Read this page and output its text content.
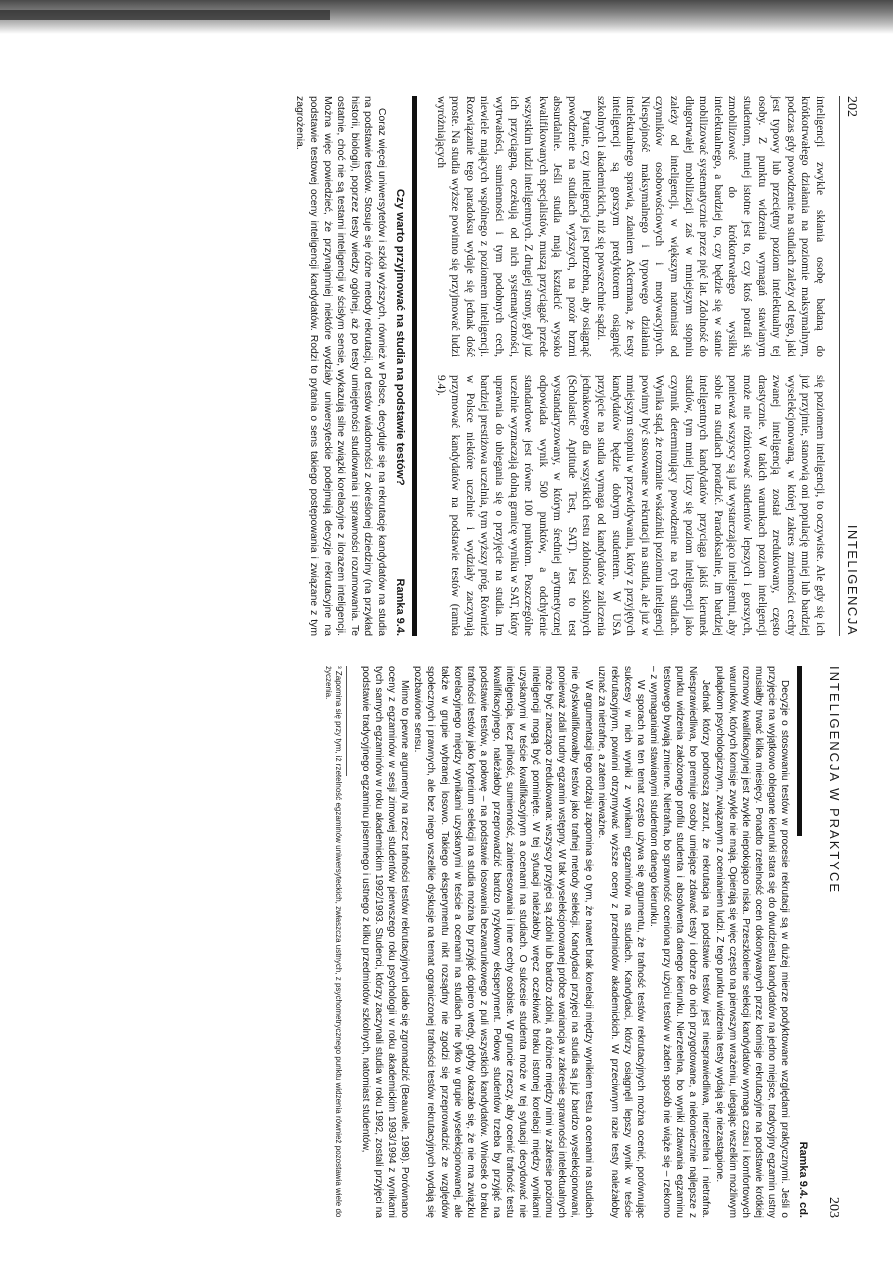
202
INTELIGENCJA

inteligencji zwykle skłania osobę badaną do krótkotrwałego działania na poziomie maksymalnym, podczas gdy powodzenie na studiach zależy od tego, jaki jest typowy lub przeciętny poziom intelektualny tej osoby. Z punktu widzenia wymagań stawianym studentom, mniej istotne jest to, czy ktoś potrafi się zmobilizować do krótkotrwałego wysiłku intelektualnego, a bardziej to, czy będzie się w stanie mobilizować systematycznie przez pięć lat. Zdolność do długotrwałej mobilizacji zaś w mniejszym stopniu zależy od inteligencji, w większym natomiast od czynników osobowościowych i motywacyjnych. Niespójność maksymalnego i typowego działania intelektualnego sprawia, zdaniem Ackermana, że testy inteligencji są gorszym predyktorem osiągnięć szkolnych i akademickich, niż się powszechnie sądzi.

Pytanie, czy inteligencja jest potrzebna, aby osiągnąć powodzenie na studiach wyższych, na pozór brzmi absurdalnie. Jeśli studia mają kształcić wysoko kwalifikowanych specjalistów, muszą przyciągać przede wszystkim ludzi inteligentnych. Z drugiej strony, gdy już ich przyciągną, oczekują od nich systematyczności, wytrwałości, sumienności i tym podobnych cech, niewiele mających wspólnego z poziomem inteligencji. Rozwiązanie tego paradoksu wydaje się jednak dość proste. Na studia wyższe powinno się przyjmować ludzi wyróżniających

się poziomem inteligencji, to oczywiste. Ale gdy się ich już przyjmie, stanowią oni populację mniej lub bardziej wyselekcjonowaną, w której zakres zmienności cechy zwanej inteligencją został zredukowany, często drastycznie. W takich warunkach poziom inteligencji może nie różnicować studentów lepszych i gorszych, ponieważ wszyscy są już wystarczająco inteligentni, aby sobie na studiach poradzić. Paradoksalnie, im bardziej inteligentnych kandydatów przyciąga jakiś kierunek studiów, tym mniej liczy się poziom inteligencji jako czynnik determinujący powodzenie na tych studiach. Wynika stąd, że rozmaite wskaźniki poziomu inteligencji powinny być stosowane w rekrutacji na studia, ale już w mniejszym stopniu w przewidywaniu, który z przyjętych kandydatów będzie dobrym studentem. W USA przyjęcie na studia wymaga od kandydatów zaliczenia jednakowego dla wszystkich testu zdolności szkolnych (Scholastic Aptitude Test, SAT). Jest to test wystandaryzowany, w którym średniej arytmetycznej odpowiada wynik 500 punktów, a odchylenie standardowe jest równe 100 punktom. Poszczególne uczelnie wyznaczają dolną granicę wyniku w SAT, który uprawnia do ubiegania się o przyjęcie na studia. Im bardziej prestiżowa uczelnia, tym wyższy próg. Również w Polsce niektóre uczelnie i wydziały zaczynają przymować kandydatów na podstawie testów (ramka 9.4).

Czy warto przyjmować na studia na podstawie testów?
Ramka 9.4.

Coraz więcej uniwersytetów i szkół wyższych, również w Polsce, decyduje się na rekrutację kandydatów na studia na podstawie testów. Stosuje się różne metody rekrutacji, od testów wiadomości z określonej dziedziny (na przykład historii, biologii), poprzez testy wiedzy ogólnej, aż po testy umiejętności studiowania i sprawności rozumowania. Te ostatnie, choć nie są testami inteligencji w ścisłym sensie, wykazują silne związki korelacyjne z ilorazem inteligencji. Można więc powiedzieć, że przynajmniej niektóre wydziały uniwersyteckie podejmują decyzje rekrutacyjne na podstawie testowej oceny inteligencji kandydatów. Rodzi to pytania o sens takiego postępowania i związane z tym zagrożenia.

INTELIGENCJA W PRAKTYCE
203
Ramka 9.4. cd.

Decyzje o stosowaniu testów w procesie rekrutacji są w dużej mierze podyktowane względami praktycznymi. Jeśli o przyjęcie na wyjątkowo oblegane kierunki stara się do dwudziestu kandydatów na jedno miejsce, tradycyjny egzamin ustny musiałby trwać kilka miesięcy. Ponadto rzetelność ocen dokonywanych przez komisje rekrutacyjne na podstawie krótkiej rozmowy kwalifikacyjnej jest zwykle niepokojąco niska. Przeszkolenie selekcji kandydatów wymaga czasu i komfortowych warunków, których komisje zwykle nie mają. Opierają się więc często na pierwszym wrażeniu, ulegając wszelkim możliwym pułapkom psychologicznym, związanym z ocenianiem ludzi. Z tego punktu widzenia testy wydają się niezastąpione.

Jednak którzy podnoszą zarzut, że rekrutacja na podstawie testów jest niesprawiedliwa, nierzetelna i nietrafna. Niesprawiedliwa, bo premiuje osoby umiejące zdawać testy i dobrze do nich przygotowane, a niekoniecznie najlepsze z punktu widzenia założonego profilu studenta i absolwenta danego kierunku. Nierzetelna, bo wyniki zdawania egzaminu testowego bywają zmienne. Nietrafna, bo sprawność oceniona przy użyciu testów w żaden sposób nie wiąże się – rzekomo – z wymaganiami stawianymi studentom danego kierunku.

W sporach na ten temat często używa się argumentu, że trafność testów rekrutacyjnych można ocenić, porównując sukcesy w nich wyniki z wynikami egzaminów na studiach. Kandydaci, którzy osiągnęli lepszy wynik w teście rekrutacyjnym, powinni otrzymywać wyższe oceny z przedmiotów akademickich. W przeciwnym razie testy należałoby uznać za nietrafne, a zatem nieważne.

W argumentacji tego rodzaju zapomina się o tym, że nawet brak korelacji między wynikiem testu a ocenami na studiach nie dyskwalifikowałby testów jako trafnej metody selekcji. Kandydaci przyjęci na studia są już bardzo wyselekcjonowani, ponieważ zdali trudny egzamin wstępny. W tak wyselekcjonowanej próbce wariancja w zakresie sprawności intelektualnych może być znacząco zredukowana: wszyscy przyjęci są zdolni lub bardzo zdolni, a różnice między nimi w zakresie poziomu inteligencji mogą być pominięte. W tej sytuacji należałoby wręcz oczekiwać braku istotnej korelacji między wynikami uzyskanymi w teście kwalifikacyjnym a ocenami na studiach. O sukcesie studenta może w tej sytuacji decydować nie inteligencja, lecz pilność, sumienność, zainteresowania i inne cechy osobiste. W gruncie rzeczy, aby ocenić trafność testu kwalifikacyjnego, należałoby przeprowadzić bardzo ryzykowny eksperyment. Połowę studentów trzeba by przyjąć na podstawie testów, a połowę – na podstawie losowania bezwarunkowego z puli wszystkich kandydatów. Wniosek o braku trafności testów jako kryterium selekcji na studia można by przyjąć dopiero wtedy, gdyby okazało się, że nie ma związku korelacyjnego między wynikami uzyskanymi w teście a ocenami na studiach nie tylko w grupie wyselekcjonowanej, ale także w grupie wybranej losowo. Takiego eksperymentu nikt rozsądny nie zgodzi się przeprowadzić ze względów społecznych i prawnych, ale bez niego wszelkie dyskusje na temat ograniczonej trafności testów rekrutacyjnych wydają się pozbawione sensu.

Mimo to pewne argumenty na rzecz trafności testów rekrutacyjnych udało się zgromadzić (Beauvale, 1998). Porównano oceny z egzaminów w sesji zimowej studentów pierwszego roku psychologii w roku akademickim 1993/1994 z wynikami tych samych egzaminów w roku akademickim 1992/1993. Studenci, którzy zaczynali studia w roku 1992, zostali przyjęci na podstawie tradycyjnego egzaminu pisemnego i ustnego z kilku przedmiotów szkolnych, natomiast studentów,

³ Zapomina się przy tym, iż rzetelność egzaminów uniwersyteckich, zwłaszcza ustnych, z psychometrycznego punktu widzenia również pozostawia wiele do życzenia.
